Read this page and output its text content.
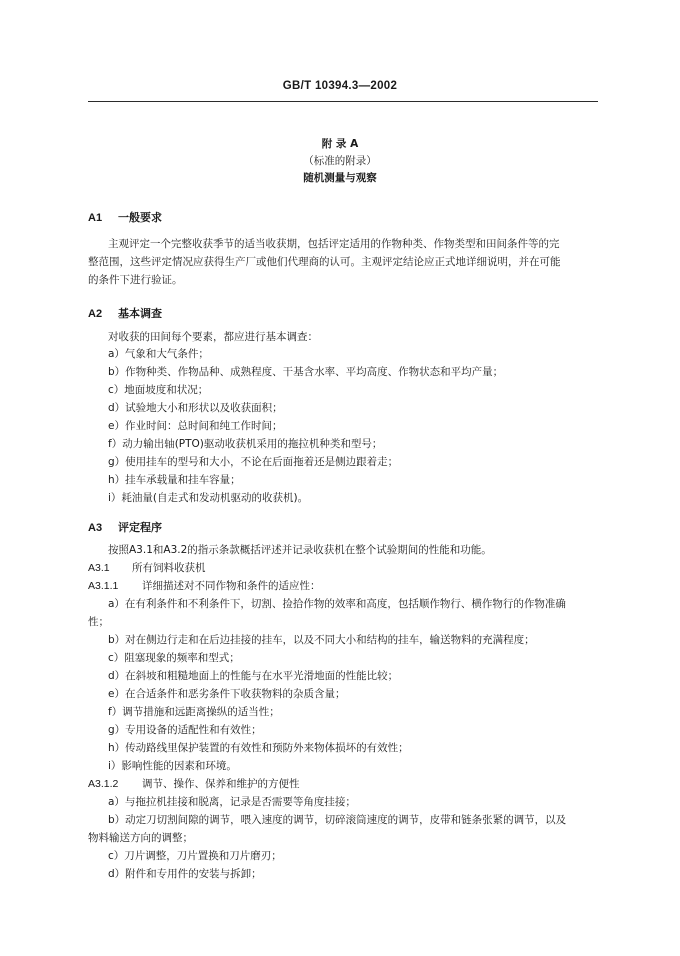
GB/T 10394.3—2002
附 录 A
（标准的附录）
随机测量与观察
A1 一般要求
主观评定一个完整收获季节的适当收获期，包括评定适用的作物种类、作物类型和田间条件等的完
整范围，这些评定情况应获得生产厂或他们代理商的认可。主观评定结论应正式地详细说明，并在可能
的条件下进行验证。
A2 基本调查
对收获的田间每个要素，都应进行基本调查：
a）气象和大气条件；
b）作物种类、作物品种、成熟程度、干基含水率、平均高度、作物状态和平均产量；
c）地面坡度和状况；
d）试验地大小和形状以及收获面积；
e）作业时间：总时间和纯工作时间；
f）动力输出轴(PTO)驱动收获机采用的拖拉机种类和型号；
g）使用挂车的型号和大小，不论在后面拖着还是侧边跟着走；
h）挂车承载量和挂车容量；
i）耗油量(自走式和发动机驱动的收获机)。
A3 评定程序
按照A3.1和A3.2的指示条款概括评述并记录收获机在整个试验期间的性能和功能。
A3.1 所有饲料收获机
A3.1.1 详细描述对不同作物和条件的适应性：
a）在有利条件和不利条件下，切割、捡拾作物的效率和高度，包括顺作物行、横作物行的作物准确
性；
b）对在侧边行走和在后边挂接的挂车，以及不同大小和结构的挂车，输送物料的充满程度；
c）阻塞现象的频率和型式；
d）在斜坡和粗糙地面上的性能与在水平光滑地面的性能比较；
e）在合适条件和恶劣条件下收获物料的杂质含量；
f）调节措施和远距离操纵的适当性；
g）专用设备的适配性和有效性；
h）传动路线里保护装置的有效性和预防外来物体损坏的有效性；
i）影响性能的因素和环境。
A3.1.2 调节、操作、保养和维护的方便性
a）与拖拉机挂接和脱离，记录是否需要等角度挂接；
b）动定刀切割间隙的调节，喂入速度的调节，切碎滚筒速度的调节，皮带和链条张紧的调节，以及
物料输送方向的调整；
c）刀片调整，刀片置换和刀片磨刃；
d）附件和专用件的安装与拆卸；
